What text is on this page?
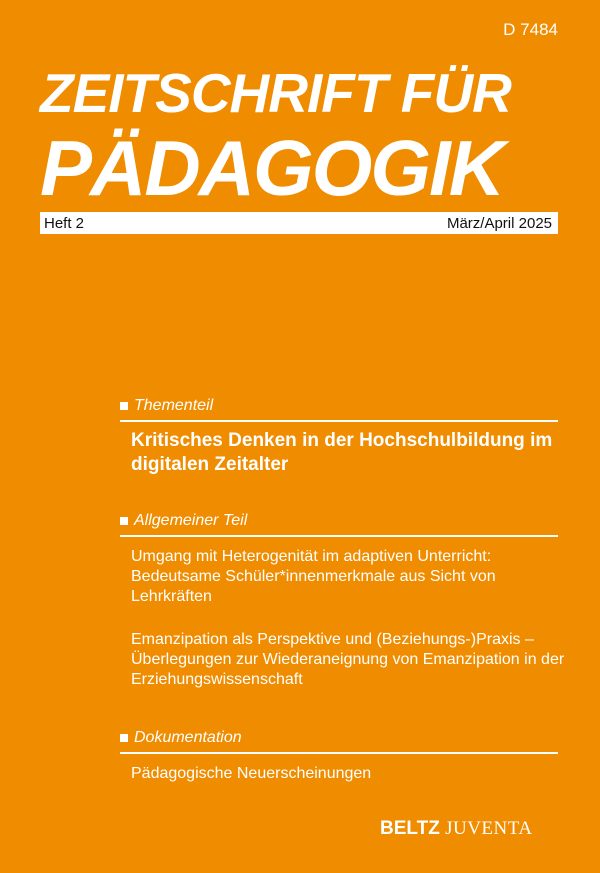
D 7484
ZEITSCHRIFT FÜR
PÄDAGOGIK
Heft 2	März/April 2025
Thementeil
Kritisches Denken in der Hochschulbildung im digitalen Zeitalter
Allgemeiner Teil
Umgang mit Heterogenität im adaptiven Unterricht: Bedeutsame Schüler*innenmerkmale aus Sicht von Lehrkräften
Emanzipation als Perspektive und (Beziehungs-)Praxis – Überlegungen zur Wiederaneignung von Emanzipation in der Erziehungswissenschaft
Dokumentation
Pädagogische Neuerscheinungen
BELTZ JUVENTA
